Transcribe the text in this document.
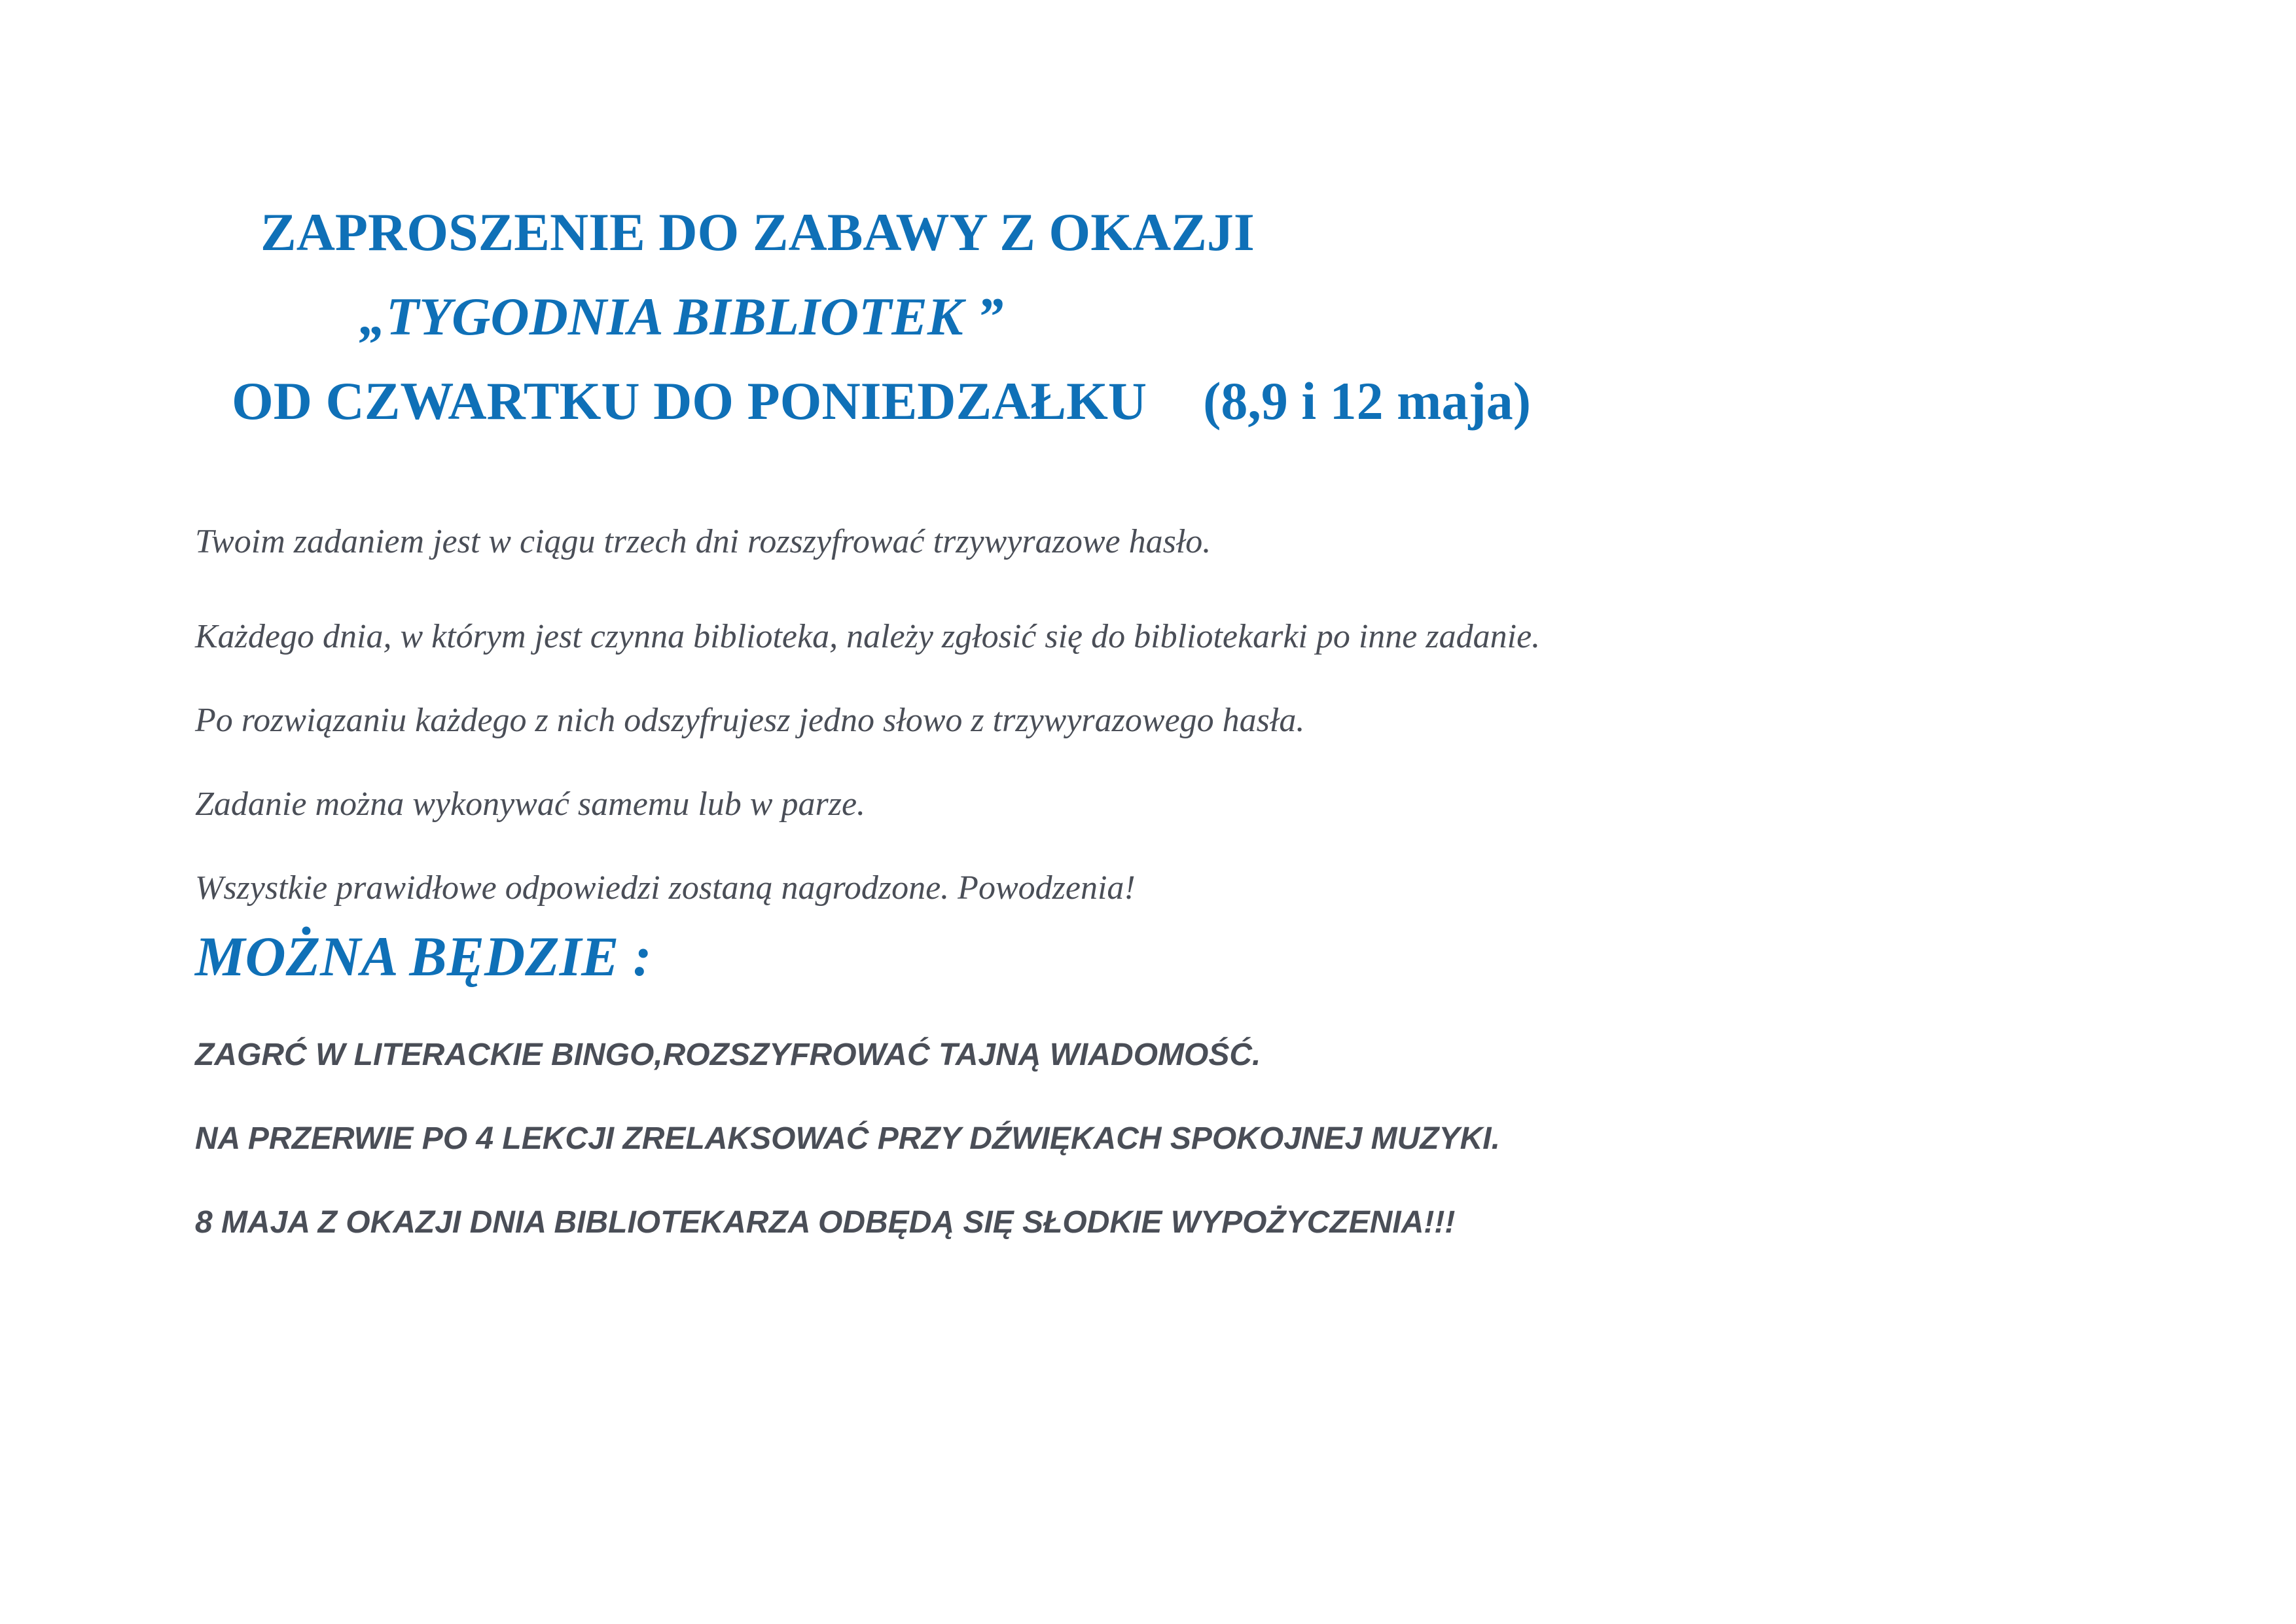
ZAPROSZENIE DO ZABAWY Z OKAZJI
„TYGODNIA BIBLIOTEK ”
OD CZWARTKU DO PONIEDZAŁKU (8,9 i 12 maja)

Twoim zadaniem jest w ciągu trzech dni rozszyfrować trzywyrazowe hasło.

Każdego dnia, w którym jest czynna biblioteka, należy zgłosić się do bibliotekarki po inne zadanie.

Po rozwiązaniu każdego z nich odszyfrujesz jedno słowo z trzywyrazowego hasła.

Zadanie można wykonywać samemu lub w parze.

Wszystkie prawidłowe odpowiedzi zostaną nagrodzone. Powodzenia!

MOŻNA BĘDZIE :

ZAGRĆ W LITERACKIE BINGO,ROZSZYFROWAĆ TAJNĄ WIADOMOŚĆ.

NA PRZERWIE PO 4 LEKCJI ZRELAKSOWAĆ PRZY DŹWIĘKACH SPOKOJNEJ MUZYKI.

8 MAJA Z OKAZJI DNIA BIBLIOTEKARZA ODBĘDĄ SIĘ SŁODKIE WYPOŻYCZENIA!!!
